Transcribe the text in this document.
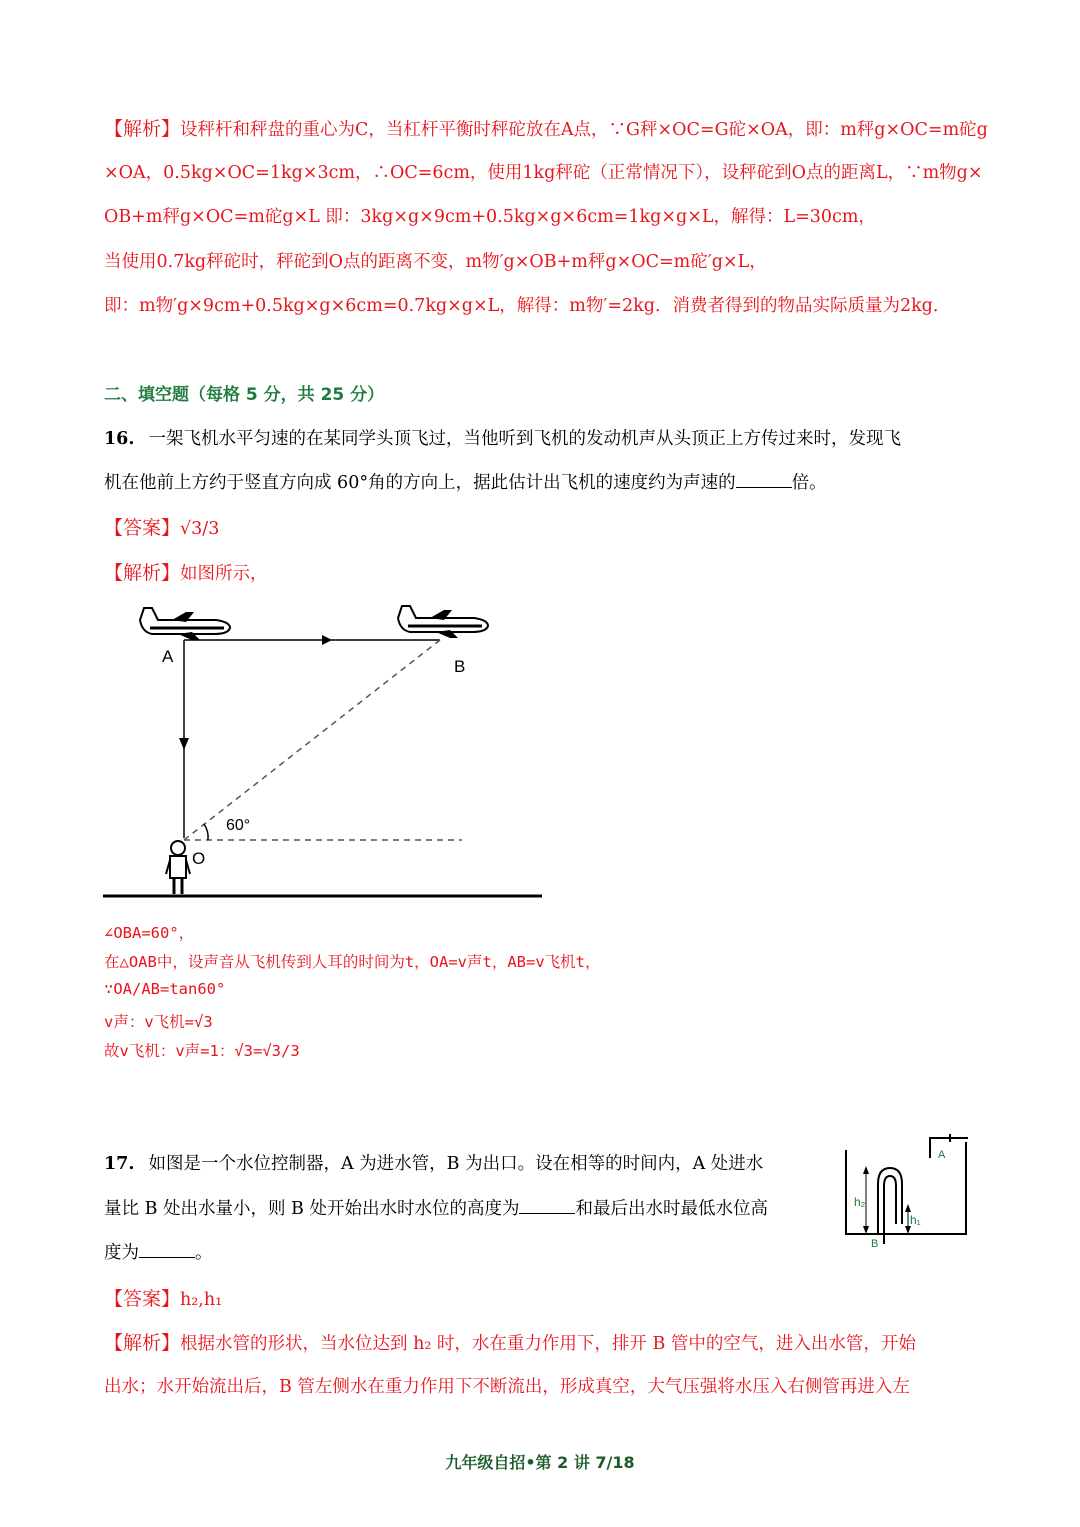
【解析】设秤杆和秤盘的重心为C，当杠杆平衡时秤砣放在A点，∵G秤×OC=G砣×OA，即：m秤g×OC=m砣g
×OA，0.5kg×OC=1kg×3cm，∴OC=6cm，使用1kg秤砣（正常情况下），设秤砣到O点的距离L，∵m物g×
OB+m秤g×OC=m砣g×L 即：3kg×g×9cm+0.5kg×g×6cm=1kg×g×L，解得：L=30cm，
当使用0.7kg秤砣时，秤砣到O点的距离不变，m物′g×OB+m秤g×OC=m砣′g×L，
即：m物′g×9cm+0.5kg×g×6cm=0.7kg×g×L，解得：m物′=2kg．消费者得到的物品实际质量为2kg．
二、填空题（每格 5 分，共 25 分）
16. 一架飞机水平匀速的在某同学头顶飞过，当他听到飞机的发动机声从头顶正上方传过来时，发现飞
机在他前上方约于竖直方向成 60°角的方向上，据此估计出飞机的速度约为声速的	倍。
【答案】√3/3
【解析】如图所示，
60°
A
B
O
∠OBA=60°，
在△OAB中，设声音从飞机传到人耳的时间为t，OA=v声t，AB=v飞机t，
∵OA/AB=tan60°
v声：v飞机=√3
故v飞机：v声=1：√3=√3/3
17. 如图是一个水位控制器，A 为进水管，B 为出口。设在相等的时间内，A 处进水
量比 B 处出水量小，则 B 处开始出水时水位的高度为	和最后出水时最低水位高
度为	。
【答案】h₂,h₁
【解析】根据水管的形状，当水位达到 h₂ 时，水在重力作用下，排开 B 管中的空气，进入出水管，开始
出水；水开始流出后，B 管左侧水在重力作用下不断流出，形成真空，大气压强将水压入右侧管再进入左
h₂
h₁
A
B
九年级自招•第 2 讲 7/18
